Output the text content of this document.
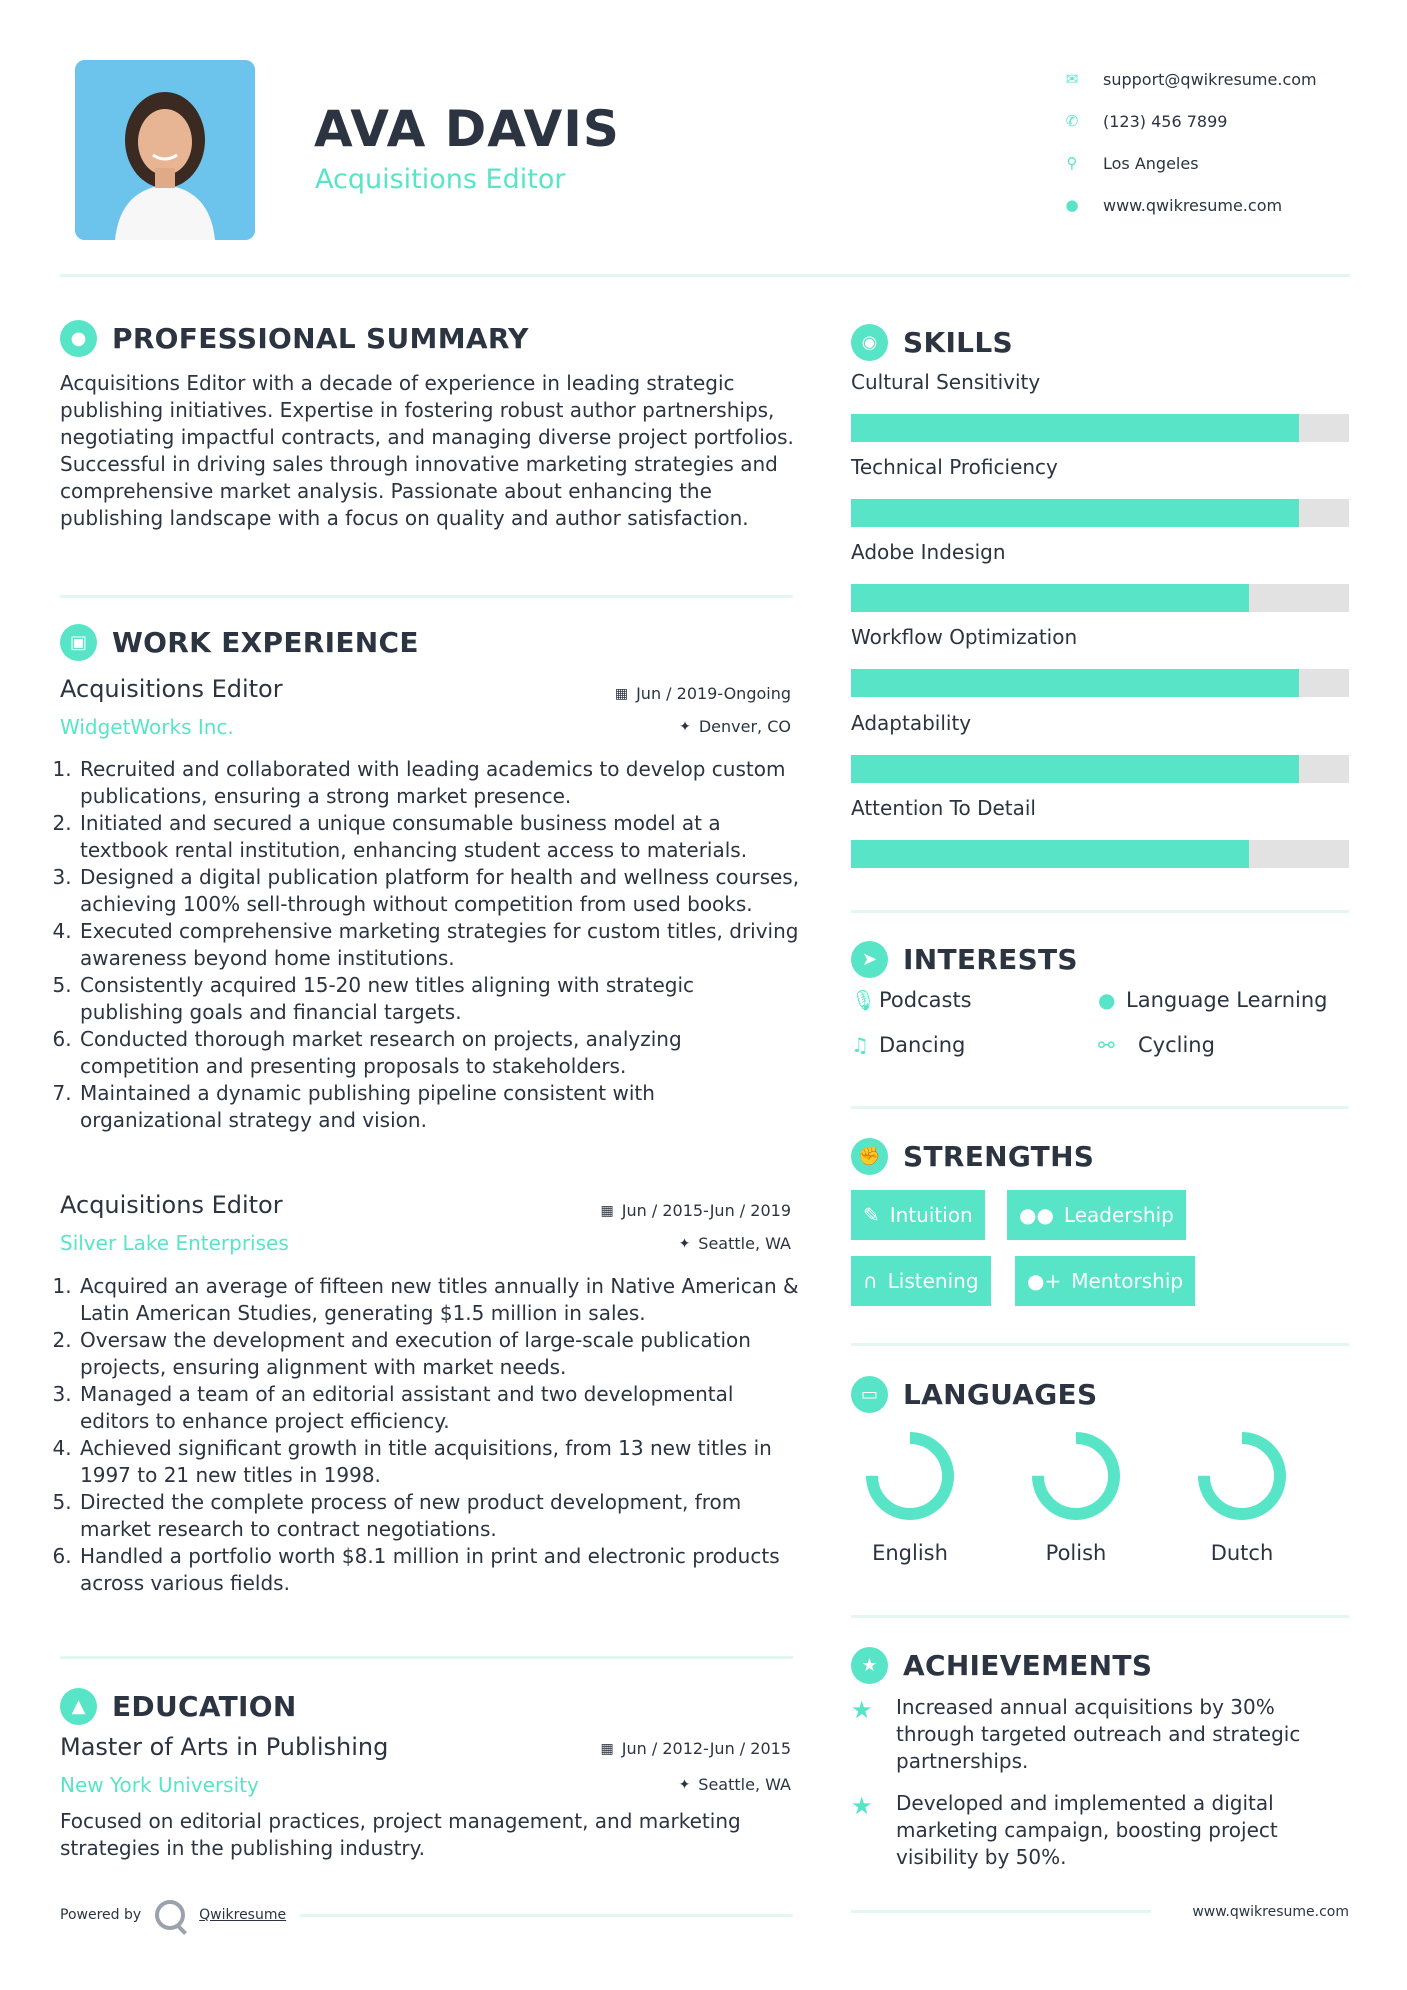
AVA DAVIS
Acquisitions Editor
✉	support@qwikresume.com
✆	(123) 456 7899
⚲	Los Angeles
●	www.qwikresume.com
● PROFESSIONAL SUMMARY
Acquisitions Editor with a decade of experience in leading strategic publishing initiatives. Expertise in fostering robust author partnerships, negotiating impactful contracts, and managing diverse project portfolios. Successful in driving sales through innovative marketing strategies and comprehensive market analysis. Passionate about enhancing the publishing landscape with a focus on quality and author satisfaction.
▣ WORK EXPERIENCE
Acquisitions Editor	▦ Jun / 2019-Ongoing
WidgetWorks Inc.	✦ Denver, CO
1. Recruited and collaborated with leading academics to develop custom publications, ensuring a strong market presence.
2. Initiated and secured a unique consumable business model at a textbook rental institution, enhancing student access to materials.
3. Designed a digital publication platform for health and wellness courses, achieving 100% sell-through without competition from used books.
4. Executed comprehensive marketing strategies for custom titles, driving awareness beyond home institutions.
5. Consistently acquired 15-20 new titles aligning with strategic publishing goals and financial targets.
6. Conducted thorough market research on projects, analyzing competition and presenting proposals to stakeholders.
7. Maintained a dynamic publishing pipeline consistent with organizational strategy and vision.
Acquisitions Editor	▦ Jun / 2015-Jun / 2019
Silver Lake Enterprises	✦ Seattle, WA
1. Acquired an average of fifteen new titles annually in Native American & Latin American Studies, generating $1.5 million in sales.
2. Oversaw the development and execution of large-scale publication projects, ensuring alignment with market needs.
3. Managed a team of an editorial assistant and two developmental editors to enhance project efficiency.
4. Achieved significant growth in title acquisitions, from 13 new titles in 1997 to 21 new titles in 1998.
5. Directed the complete process of new product development, from market research to contract negotiations.
6. Handled a portfolio worth $8.1 million in print and electronic products across various fields.
▲ EDUCATION
Master of Arts in Publishing	▦ Jun / 2012-Jun / 2015
New York University	✦ Seattle, WA
Focused on editorial practices, project management, and marketing strategies in the publishing industry.
◉ SKILLS
Cultural Sensitivity
Technical Proficiency
Adobe Indesign
Workflow Optimization
Adaptability
Attention To Detail
➤ INTERESTS
🎙 Podcasts	● Language Learning
♫ Dancing	⚯	Cycling
✊ STRENGTHS
✎ Intuition ●● Leadership
∩ Listening ●+ Mentorship
▭ LANGUAGES
English	Polish	Dutch
★ ACHIEVEMENTS
★	Increased annual acquisitions by 30% through targeted outreach and strategic partnerships.
★	Developed and implemented a digital marketing campaign, boosting project visibility by 50%.
Powered by	Qwikresume	www.qwikresume.com
